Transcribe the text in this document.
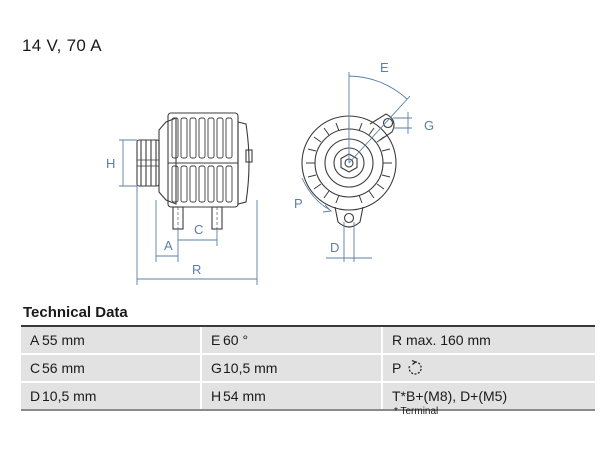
14 V, 70 A
H
A
C
R
E
G
P
D
Technical Data
A	55 mm		E	60 °		R	max. 160 mm
C	56 mm		G	10,5 mm		P	
D	10,5 mm		H	54 mm		T*	B+(M8), D+(M5)
* Terminal
